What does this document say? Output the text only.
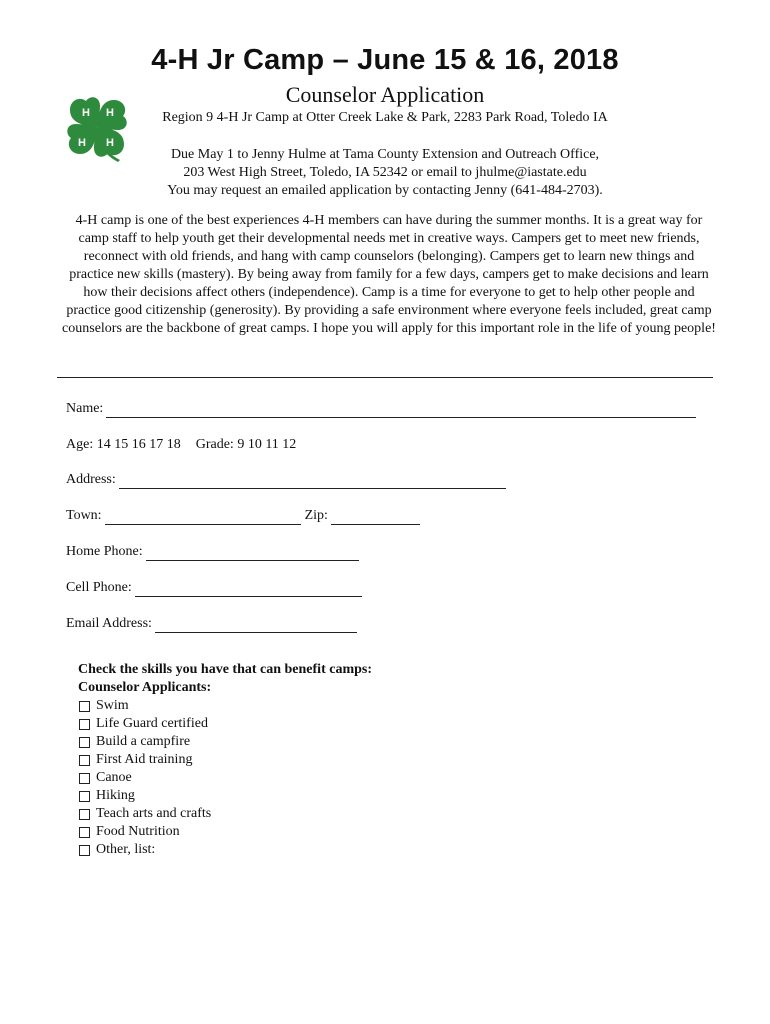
4-H Jr Camp – June 15 & 16, 2018
H H
H
H
Counselor Application
Region 9 4-H Jr Camp at Otter Creek Lake & Park, 2283 Park Road, Toledo IA
Due May 1 to Jenny Hulme at Tama County Extension and Outreach Office,
203 West High Street, Toledo, IA 52342 or email to jhulme@iastate.edu
You may request an emailed application by contacting Jenny (641-484-2703).
4-H camp is one of the best experiences 4-H members can have during the summer months. It is a great way for camp staff to help youth get their developmental needs met in creative ways. Campers get to meet new friends, reconnect with old friends, and hang with camp counselors (belonging). Campers get to learn new things and practice new skills (mastery). By being away from family for a few days, campers get to make decisions and learn how their decisions affect others (independence). Camp is a time for everyone to get to help other people and practice good citizenship (generosity). By providing a safe environment where everyone feels included, great camp counselors are the backbone of great camps. I hope you will apply for this important role in the life of young people!
Name:
Age:
14 15 16 17 18 Grade:
9 10 11 12
Address:
Town:	Zip:
Home Phone:
Cell Phone:
Email Address:
Check the skills you have that can benefit camps:
Counselor Applicants:
Swim
Life Guard certified
Build a campfire
First Aid training
Canoe
Hiking
Teach arts and crafts
Food Nutrition
Other, list:
